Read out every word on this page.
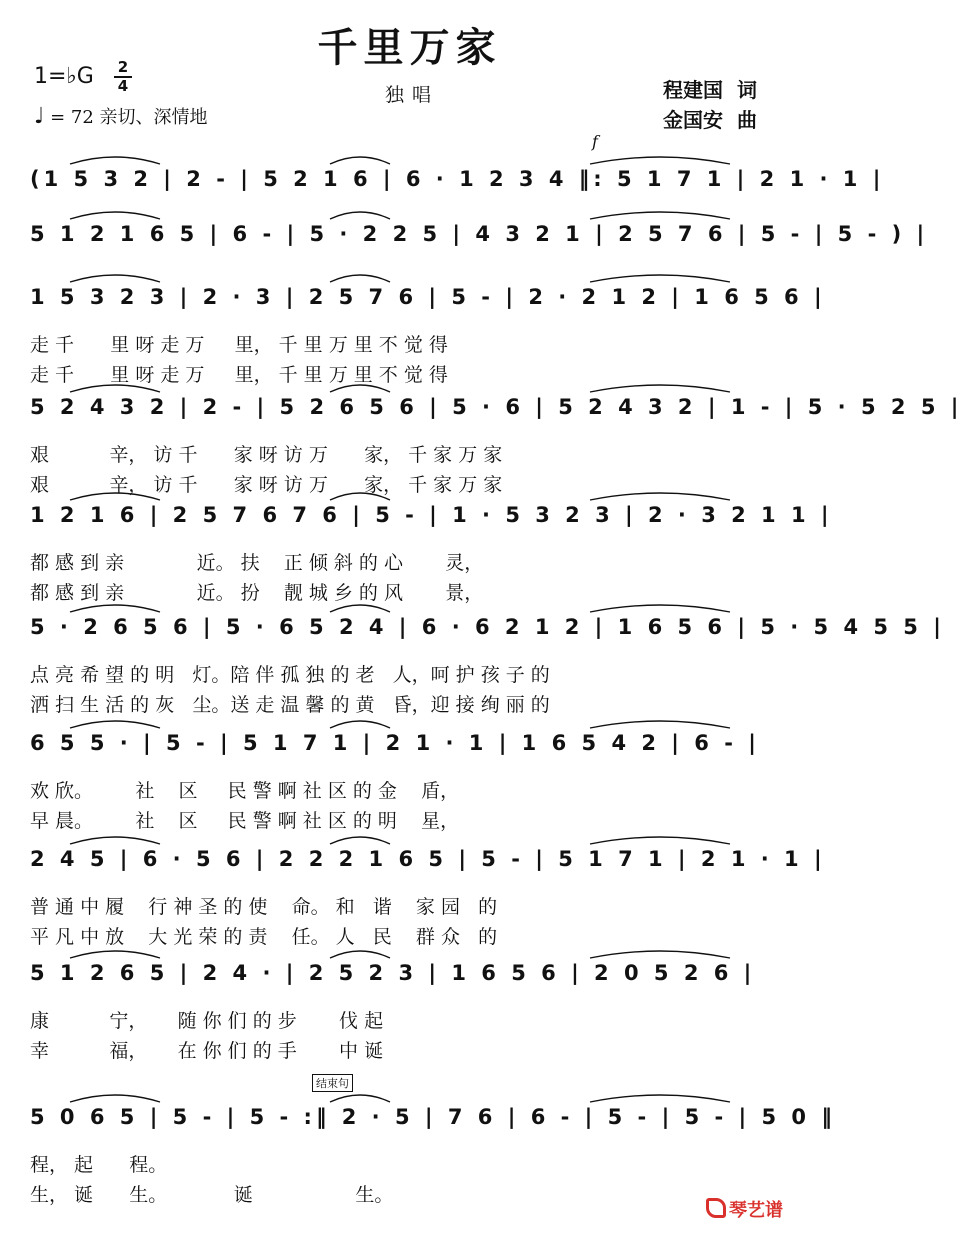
千里万家
1=♭G 2
4
♩ = 72 亲切、深情地
独唱	程建国 词
金国安 曲
(1 5 3 2 | 2 - | 5 2 1 6 | 6 · 1 2 3 4 ‖: 5 1 7 1 | 2 1 · 1 |
5 1 2 1 6 5 | 6 - | 5 · 2 2 5 | 4 3 2 1 | 2 5 7 6 | 5 - | 5 - ) |
1 5 3 2 3 | 2 · 3 | 2 5 7 6 | 5 - | 2 · 2 1 2 | 1 6 5 6 |
走 千      里 呀 走 万     里， 千 里 万 里 不 觉 得
走 千      里 呀 走 万     里， 千 里 万 里 不 觉 得
5 2 4 3 2 | 2 - | 5 2 6 5 6 | 5 · 6 | 5 2 4 3 2 | 1 - | 5 · 5 2 5 |
艰          辛， 访 千      家 呀 访 万      家， 千 家 万 家
艰          辛， 访 千      家 呀 访 万      家， 千 家 万 家
1 2 1 6 | 2 5 7 6 7 6 | 5 - | 1 · 5 3 2 3 | 2 · 3 2 1 1 |
都 感 到 亲            近。 扶    正 倾 斜 的 心       灵，
都 感 到 亲            近。 扮    靓 城 乡 的 风       景，
5 · 2 6 5 6 | 5 · 6 5 2 4 | 6 · 6 2 1 2 | 1 6 5 6 | 5 · 5 4 5 5 |
点 亮 希 望 的 明   灯。陪 伴 孤 独 的 老   人，呵 护 孩 子 的
洒 扫 生 活 的 灰   尘。送 走 温 馨 的 黄   昏，迎 接 绚 丽 的
6 5 5 · | 5 - | 5 1 7 1 | 2 1 · 1 | 1 6 5 4 2 | 6 - |
欢 欣。       社    区     民 警 啊 社 区 的 金    盾，
早 晨。       社    区     民 警 啊 社 区 的 明    星，
2 4 5 | 6 · 5 6 | 2 2 2 1 6 5 | 5 - | 5 1 7 1 | 2 1 · 1 |
普 通 中 履    行 神 圣 的 使    命。 和   谐    家 园   的
平 凡 中 放    大 光 荣 的 责    任。 人   民    群 众   的
5 1 2 6 5 | 2 4 · | 2 5 2 3 | 1 6 5 6 | 2 0 5 2 6 |
康          宁，     随 你 们 的 步       伐 起
幸          福，     在 你 们 的 手       中 诞
5 0 6 5 | 5 - | 5 - :‖ 2 · 5 | 7 6 | 6 - | 5 - | 5 - | 5 0 ‖
程， 起      程。
生， 诞      生。           诞                 生。
f
结束句
琴艺谱
